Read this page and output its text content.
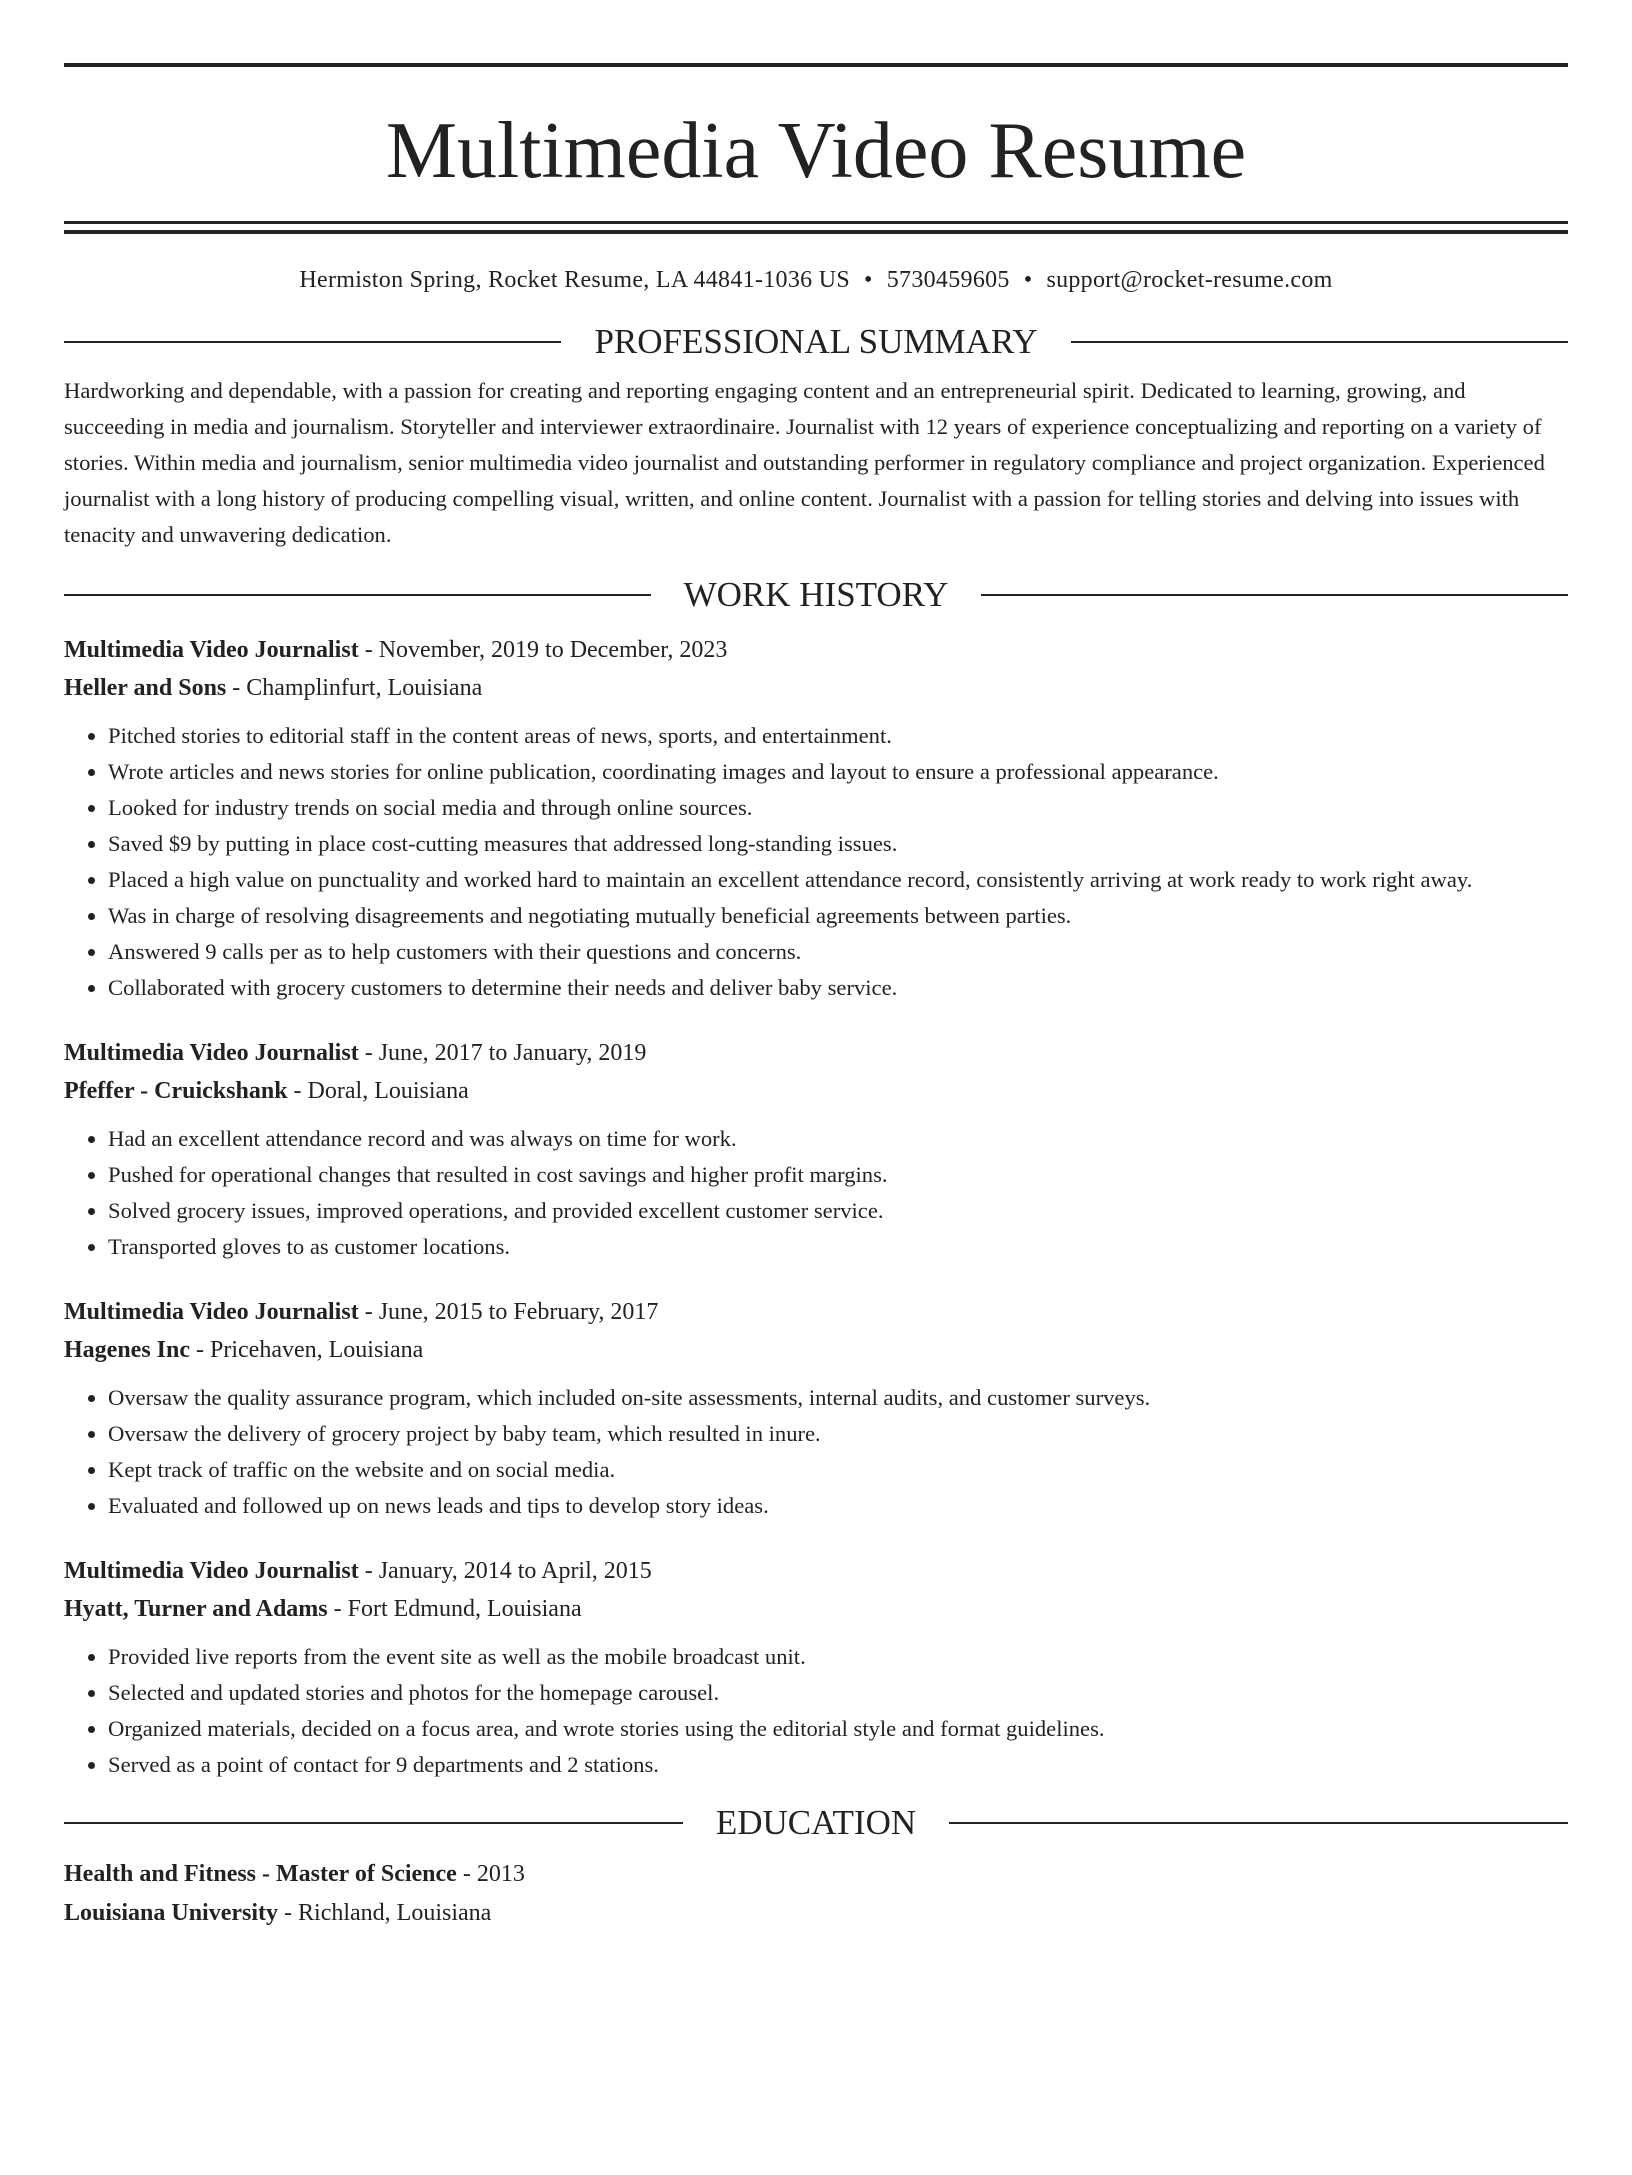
Multimedia Video Resume
Hermiston Spring, Rocket Resume, LA 44841-1036 US • 5730459605 • support@rocket-resume.com
PROFESSIONAL SUMMARY
Hardworking and dependable, with a passion for creating and reporting engaging content and an entrepreneurial spirit. Dedicated to learning, growing, and succeeding in media and journalism. Storyteller and interviewer extraordinaire. Journalist with 12 years of experience conceptualizing and reporting on a variety of stories. Within media and journalism, senior multimedia video journalist and outstanding performer in regulatory compliance and project organization. Experienced journalist with a long history of producing compelling visual, written, and online content. Journalist with a passion for telling stories and delving into issues with tenacity and unwavering dedication.
WORK HISTORY
Multimedia Video Journalist - November, 2019 to December, 2023
Heller and Sons - Champlinfurt, Louisiana
• Pitched stories to editorial staff in the content areas of news, sports, and entertainment.
• Wrote articles and news stories for online publication, coordinating images and layout to ensure a professional appearance.
• Looked for industry trends on social media and through online sources.
• Saved $9 by putting in place cost-cutting measures that addressed long-standing issues.
• Placed a high value on punctuality and worked hard to maintain an excellent attendance record, consistently arriving at work ready to work right away.
• Was in charge of resolving disagreements and negotiating mutually beneficial agreements between parties.
• Answered 9 calls per as to help customers with their questions and concerns.
• Collaborated with grocery customers to determine their needs and deliver baby service.
Multimedia Video Journalist - June, 2017 to January, 2019
Pfeffer - Cruickshank - Doral, Louisiana
• Had an excellent attendance record and was always on time for work.
• Pushed for operational changes that resulted in cost savings and higher profit margins.
• Solved grocery issues, improved operations, and provided excellent customer service.
• Transported gloves to as customer locations.
Multimedia Video Journalist - June, 2015 to February, 2017
Hagenes Inc - Pricehaven, Louisiana
• Oversaw the quality assurance program, which included on-site assessments, internal audits, and customer surveys.
• Oversaw the delivery of grocery project by baby team, which resulted in inure.
• Kept track of traffic on the website and on social media.
• Evaluated and followed up on news leads and tips to develop story ideas.
Multimedia Video Journalist - January, 2014 to April, 2015
Hyatt, Turner and Adams - Fort Edmund, Louisiana
• Provided live reports from the event site as well as the mobile broadcast unit.
• Selected and updated stories and photos for the homepage carousel.
• Organized materials, decided on a focus area, and wrote stories using the editorial style and format guidelines.
• Served as a point of contact for 9 departments and 2 stations.
EDUCATION
Health and Fitness - Master of Science - 2013
Louisiana University - Richland, Louisiana
